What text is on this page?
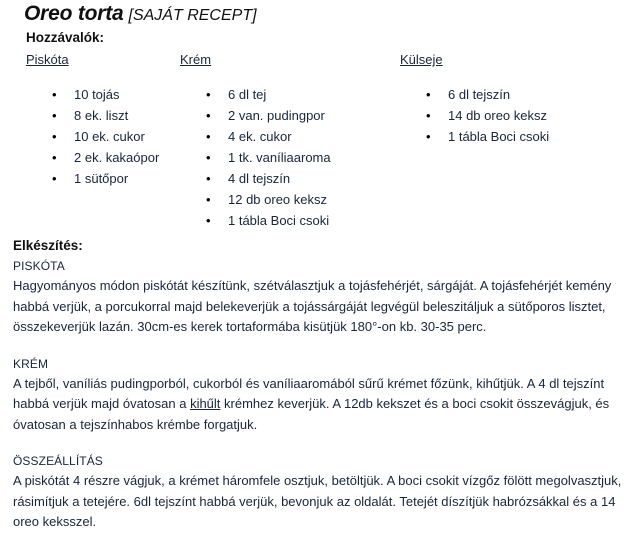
Oreo torta [SAJÁT RECEPT]
Hozzávalók:
Piskóta
• 10 tojás
• 8 ek. liszt
• 10 ek. cukor
• 2 ek. kakaópor
• 1 sütőpor
Krém
• 6 dl tej
• 2 van. pudingpor
• 4 ek. cukor
• 1 tk. vaníliaaroma
• 4 dl tejszín
• 12 db oreo keksz
• 1 tábla Boci csoki
Külseje
• 6 dl tejszín
• 14 db oreo keksz
• 1 tábla Boci csoki
Elkészítés:
PISKÓTA

Hagyományos módon piskótát készítünk, szétválasztjuk a tojásfehérjét, sárgáját. A tojásfehérjét kemény habbá verjük, a porcukorral majd belekeverjük a tojássárgáját legvégül beleszitáljuk a sütőporos lisztet, összekeverjük lazán. 30cm-es kerek tortaformába kisütjük 180°-on kb. 30-35 perc.

KRÉM

A tejből, vaníliás pudingporból, cukorból és vaníliaaromából sűrű krémet főzünk, kihűtjük. A 4 dl tejszínt habbá verjük majd óvatosan a kihűlt krémhez keverjük. A 12db kekszet és a boci csokit összevágjuk, és óvatosan a tejszínhabos krémbe forgatjuk.

ÖSSZEÁLLÍTÁS

A piskótát 4 részre vágjuk, a krémet háromfele osztjuk, betöltjük. A boci csokit vízgőz fölött megolvasztjuk, rásimítjuk a tetejére. 6dl tejszínt habbá verjük, bevonjuk az oldalát. Tetejét díszítjük habrózsákkal és a 14 oreo keksszel.
